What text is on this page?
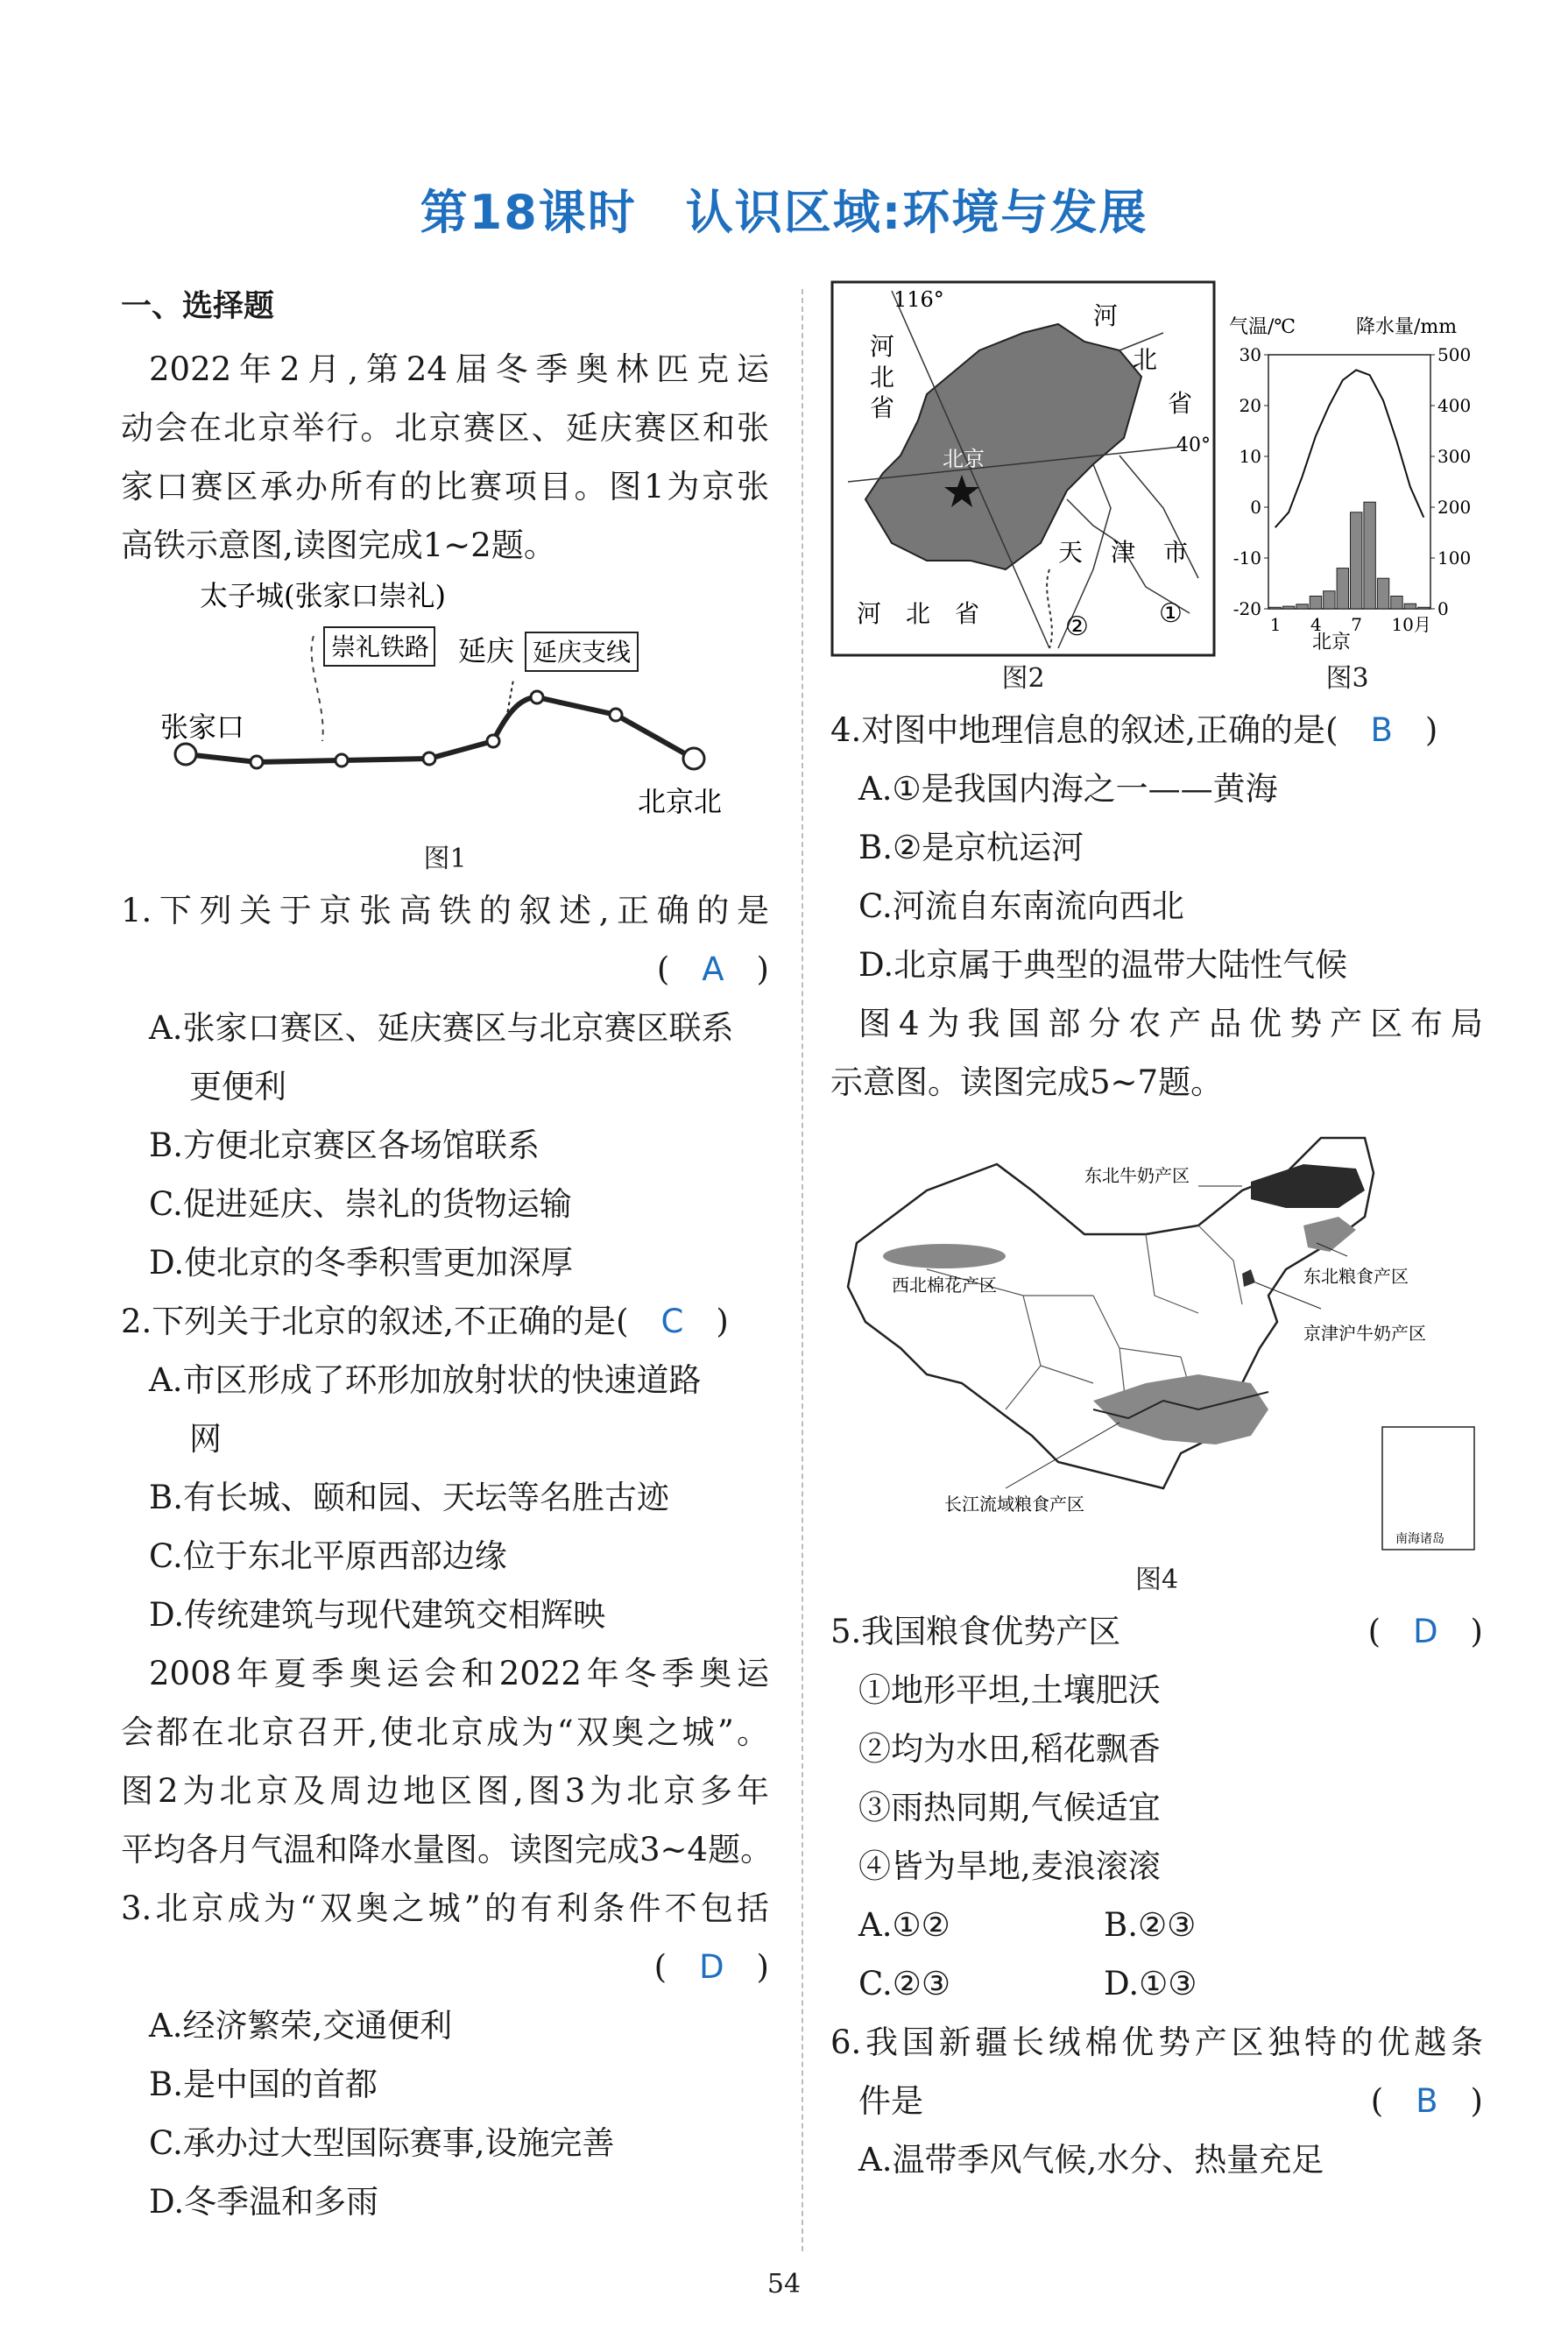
第18课时　认识区域:环境与发展
一、选择题
2022年2月,第24届冬季奥林匹克运
动会在北京举行。北京赛区、延庆赛区和张
家口赛区承办所有的比赛项目。图1为京张
高铁示意图,读图完成1~2题。
太子城(张家口崇礼)
崇礼铁路 延庆 延庆支线
张家口
北京北
图1
1.下列关于京张高铁的叙述,正确的是
(　A　)
A.张家口赛区、延庆赛区与北京赛区联系
更便利
B.方便北京赛区各场馆联系
C.促进延庆、崇礼的货物运输
D.使北京的冬季积雪更加深厚
2.下列关于北京的叙述,不正确的是(　C　)
A.市区形成了环形加放射状的快速道路
网
B.有长城、颐和园、天坛等名胜古迹
C.位于东北平原西部边缘
D.传统建筑与现代建筑交相辉映
2008年夏季奥运会和2022年冬季奥运
会都在北京召开,使北京成为“双奥之城”。
图2为北京及周边地区图,图3为北京多年
平均各月气温和降水量图。读图完成3~4题。
3.北京成为“双奥之城”的有利条件不包括
(　D　)
A.经济繁荣,交通便利
B.是中国的首都
C.承办过大型国际赛事,设施完善
D.冬季温和多雨
116°
40°
河
北
省
河
北
省
北京
天 津 市
河　北　省	①
②
气温/℃	降水量/mm
30
20
10
0
-10
-20
500
400
300
200
100
0
1 4 7 10月
北京
图2	图3
4.对图中地理信息的叙述,正确的是(　B　)
A.①是我国内海之一——黄海
B.②是京杭运河
C.河流自东南流向西北
D.北京属于典型的温带大陆性气候
图4为我国部分农产品优势产区布局
示意图。读图完成5~7题。
东北牛奶产区
西北棉花产区	东北粮食产区
京津沪牛奶产区
长江流域粮食产区
南海诸岛
图4
5.我国粮食优势产区	(　D　)
①地形平坦,土壤肥沃
②均为水田,稻花飘香
③雨热同期,气候适宜
④皆为旱地,麦浪滚滚
A.①②	B.②③
C.②③	D.①③
6.我国新疆长绒棉优势产区独特的优越条
件是	(　B　)
A.温带季风气候,水分、热量充足
54
